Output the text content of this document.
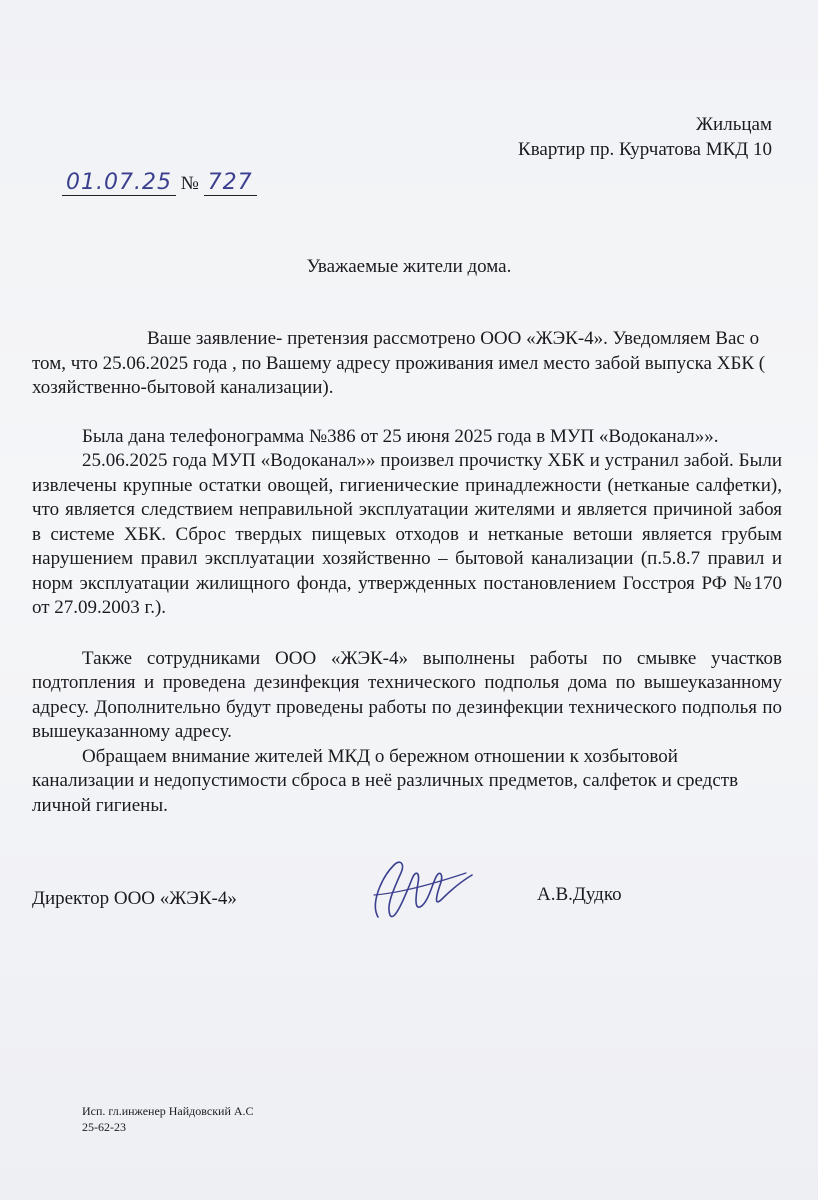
Жильцам
Квартир пр. Курчатова МКД 10
01.07.25 № 727
Уважаемые жители дома.

Ваше заявление- претензия рассмотрено ООО «ЖЭК-4». Уведомляем Вас о том, что 25.06.2025 года , по Вашему адресу проживания имел место забой выпуска ХБК ( хозяйственно-бытовой канализации).

Была дана телефонограмма №386 от 25 июня 2025 года в МУП «Водоканал»».

25.06.2025 года МУП «Водоканал»» произвел прочистку ХБК и устранил забой. Были извлечены крупные остатки овощей, гигиенические принадлежности (нетканые салфетки), что является следствием неправильной эксплуатации жителями и является причиной забоя в системе ХБК. Сброс твердых пищевых отходов и нетканые ветоши является грубым нарушением правил эксплуатации хозяйственно – бытовой канализации (п.5.8.7 правил и норм эксплуатации жилищного фонда, утвержденных постановлением Госстроя РФ №170 от 27.09.2003 г.).

Также сотрудниками ООО «ЖЭК-4» выполнены работы по смывке участков подтопления и проведена дезинфекция технического подполья дома по вышеуказанному адресу. Дополнительно будут проведены работы по дезинфекции технического подполья по вышеуказанному адресу.

Обращаем внимание жителей МКД о бережном отношении к хозбытовой канализации и недопустимости сброса в неё различных предметов, салфеток и средств личной гигиены.

Директор ООО «ЖЭК-4»	А.В.Дудко
Исп. гл.инженер Найдовский А.С
25-62-23
